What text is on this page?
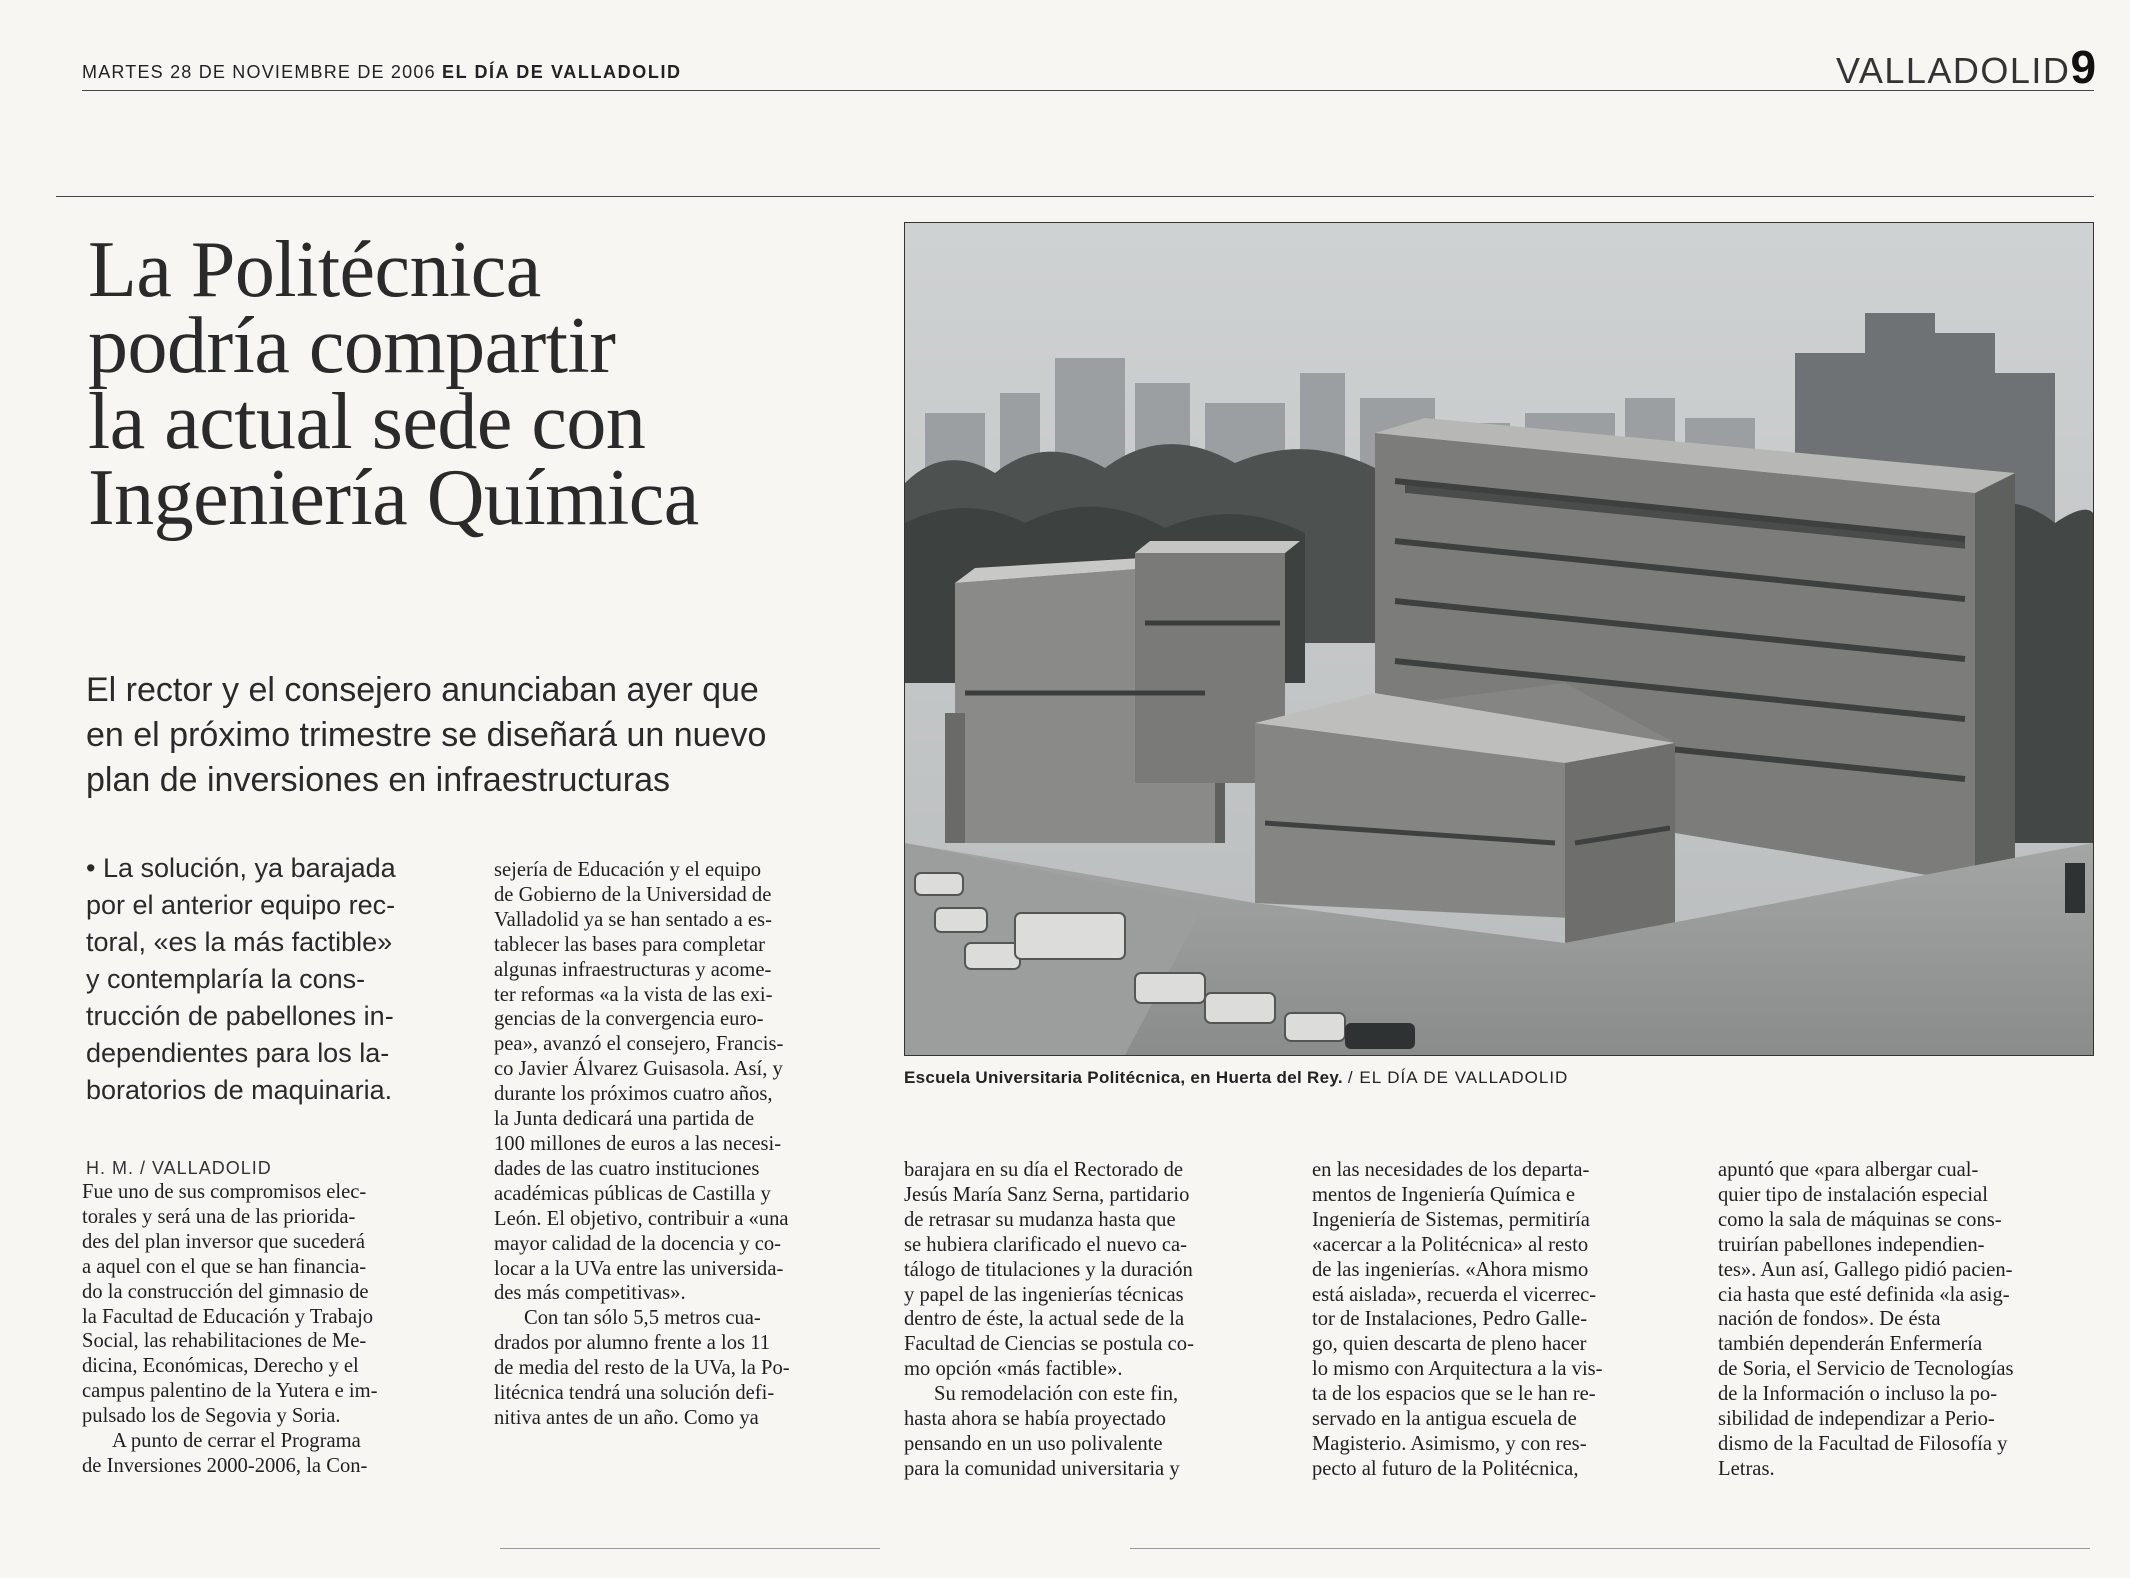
MARTES 28 DE NOVIEMBRE DE 2006 EL DÍA DE VALLADOLID	VALLADOLID9
La Politécnica
podría compartir
la actual sede con
Ingeniería Química
El rector y el consejero anunciaban ayer que
en el próximo trimestre se diseñará un nuevo
plan de inversiones en infraestructuras
• La solución, ya barajada
por el anterior equipo rec-
toral, «es la más factible»
y contemplaría la cons-
trucción de pabellones in-
dependientes para los la-
boratorios de maquinaria.
H. M. / VALLADOLID
Fue uno de sus compromisos elec-
torales y será una de las priorida-
des del plan inversor que sucederá
a aquel con el que se han financia-
do la construcción del gimnasio de
la Facultad de Educación y Trabajo
Social, las rehabilitaciones de Me-
dicina, Económicas, Derecho y el
campus palentino de la Yutera e im-
pulsado los de Segovia y Soria.
A punto de cerrar el Programa
de Inversiones 2000-2006, la Con-
sejería de Educación y el equipo
de Gobierno de la Universidad de
Valladolid ya se han sentado a es-
tablecer las bases para completar
algunas infraestructuras y acome-
ter reformas «a la vista de las exi-
gencias de la convergencia euro-
pea», avanzó el consejero, Francis-
co Javier Álvarez Guisasola. Así, y
durante los próximos cuatro años,
la Junta dedicará una partida de
100 millones de euros a las necesi-
dades de las cuatro instituciones
académicas públicas de Castilla y
León. El objetivo, contribuir a «una
mayor calidad de la docencia y co-
locar a la UVa entre las universida-
des más competitivas».
Con tan sólo 5,5 metros cua-
drados por alumno frente a los 11
de media del resto de la UVa, la Po-
litécnica tendrá una solución defi-
nitiva antes de un año. Como ya
Escuela Universitaria Politécnica, en Huerta del Rey. / EL DÍA DE VALLADOLID
barajara en su día el Rectorado de
Jesús María Sanz Serna, partidario
de retrasar su mudanza hasta que
se hubiera clarificado el nuevo ca-
tálogo de titulaciones y la duración
y papel de las ingenierías técnicas
dentro de éste, la actual sede de la
Facultad de Ciencias se postula co-
mo opción «más factible».
Su remodelación con este fin,
hasta ahora se había proyectado
pensando en un uso polivalente
para la comunidad universitaria y
en las necesidades de los departa-
mentos de Ingeniería Química e
Ingeniería de Sistemas, permitiría
«acercar a la Politécnica» al resto
de las ingenierías. «Ahora mismo
está aislada», recuerda el vicerrec-
tor de Instalaciones, Pedro Galle-
go, quien descarta de pleno hacer
lo mismo con Arquitectura a la vis-
ta de los espacios que se le han re-
servado en la antigua escuela de
Magisterio. Asimismo, y con res-
pecto al futuro de la Politécnica,
apuntó que «para albergar cual-
quier tipo de instalación especial
como la sala de máquinas se cons-
truirían pabellones independien-
tes». Aun así, Gallego pidió pacien-
cia hasta que esté definida «la asig-
nación de fondos». De ésta
también dependerán Enfermería
de Soria, el Servicio de Tecnologías
de la Información o incluso la po-
sibilidad de independizar a Perio-
dismo de la Facultad de Filosofía y
Letras.
